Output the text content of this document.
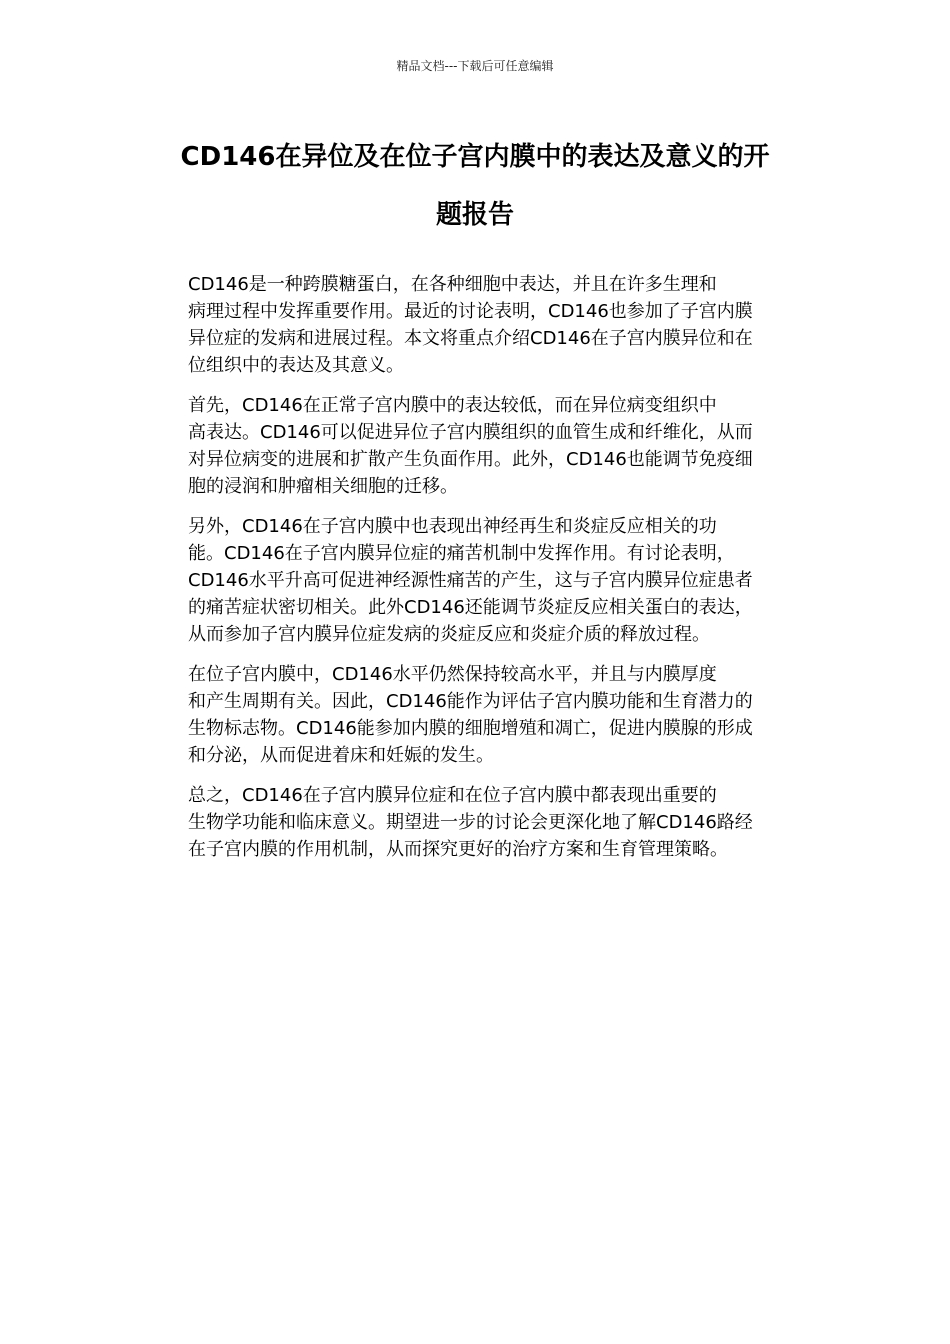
精品文档---下载后可任意编辑
CD146在异位及在位子宫内膜中的表达及意义的开
题报告

CD146是一种跨膜糖蛋白，在各种细胞中表达，并且在许多生理和
病理过程中发挥重要作用。最近的讨论表明，CD146也参加了子宫内膜
异位症的发病和进展过程。本文将重点介绍CD146在子宫内膜异位和在
位组织中的表达及其意义。

首先，CD146在正常子宫内膜中的表达较低，而在异位病变组织中
高表达。CD146可以促进异位子宫内膜组织的血管生成和纤维化，从而
对异位病变的进展和扩散产生负面作用。此外，CD146也能调节免疫细
胞的浸润和肿瘤相关细胞的迁移。

另外，CD146在子宫内膜中也表现出神经再生和炎症反应相关的功
能。CD146在子宫内膜异位症的痛苦机制中发挥作用。有讨论表明，
CD146水平升高可促进神经源性痛苦的产生，这与子宫内膜异位症患者
的痛苦症状密切相关。此外CD146还能调节炎症反应相关蛋白的表达，
从而参加子宫内膜异位症发病的炎症反应和炎症介质的释放过程。

在位子宫内膜中，CD146水平仍然保持较高水平，并且与内膜厚度
和产生周期有关。因此，CD146能作为评估子宫内膜功能和生育潜力的
生物标志物。CD146能参加内膜的细胞增殖和凋亡，促进内膜腺的形成
和分泌，从而促进着床和妊娠的发生。

总之，CD146在子宫内膜异位症和在位子宫内膜中都表现出重要的
生物学功能和临床意义。期望进一步的讨论会更深化地了解CD146路经
在子宫内膜的作用机制，从而探究更好的治疗方案和生育管理策略。
